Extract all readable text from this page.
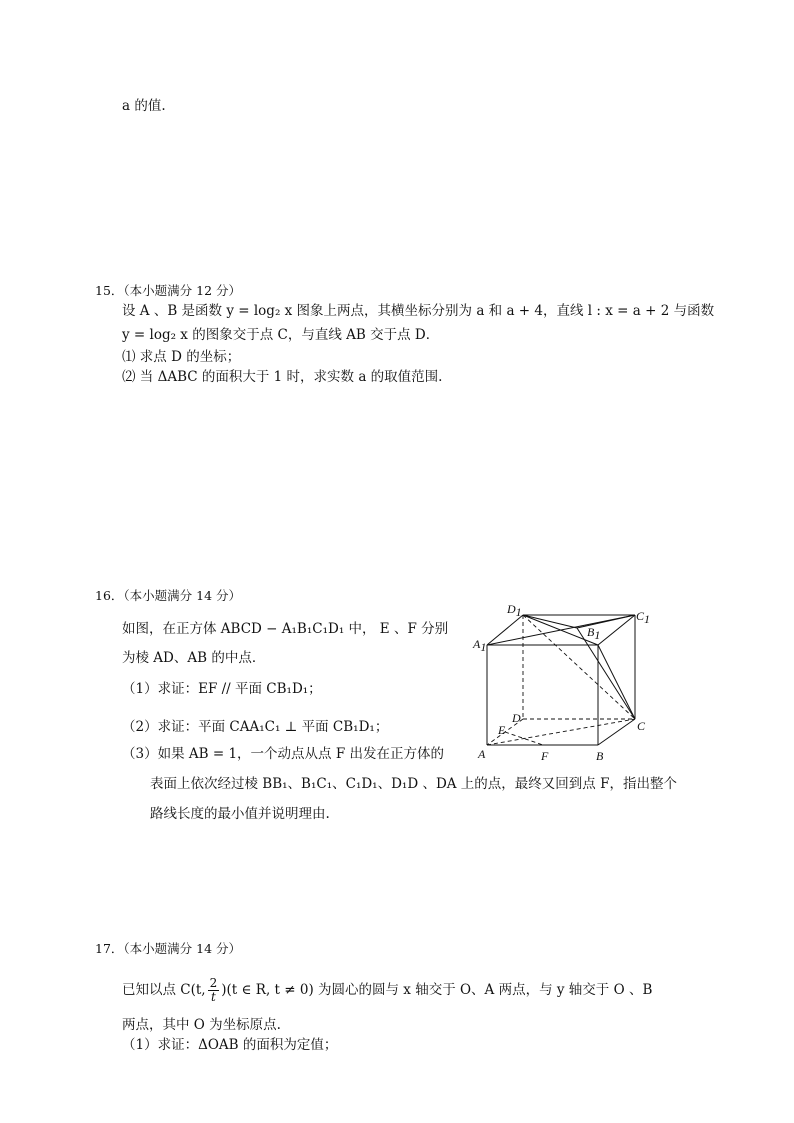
a 的值.
15．（本小题满分 12 分）
设 A 、B 是函数 y = log₂ x 图象上两点，其横坐标分别为 a 和 a + 4，直线 l : x = a + 2 与函数
y = log₂ x 的图象交于点 C，与直线 AB 交于点 D．
⑴ 求点 D 的坐标；
⑵ 当 ΔABC 的面积大于 1 时，求实数 a 的取值范围.
16．（本小题满分 14 分）
如图，在正方体 ABCD − A₁B₁C₁D₁ 中， E 、F 分别
为棱 AD、AB 的中点．
（1）求证：EF // 平面 CB₁D₁；
（2）求证：平面 CAA₁C₁ ⊥ 平面 CB₁D₁；
（3）如果 AB = 1，一个动点从点 F 出发在正方体的
表面上依次经过棱 BB₁、B₁C₁、C₁D₁、D₁D 、DA 上的点，最终又回到点 F，指出整个
路线长度的最小值并说明理由.
D1	C1
B1
A1
D
E	C
A	F	B
17．（本小题满分 14 分）
已知以点 C(t, $\frac{2}{t} )(t$ ∈ R, t ≠ 0) 为圆心的圆与 x 轴交于 O、A 两点，与 y 轴交于 O 、B
两点，其中 O 为坐标原点.
（1）求证：ΔOAB 的面积为定值；
